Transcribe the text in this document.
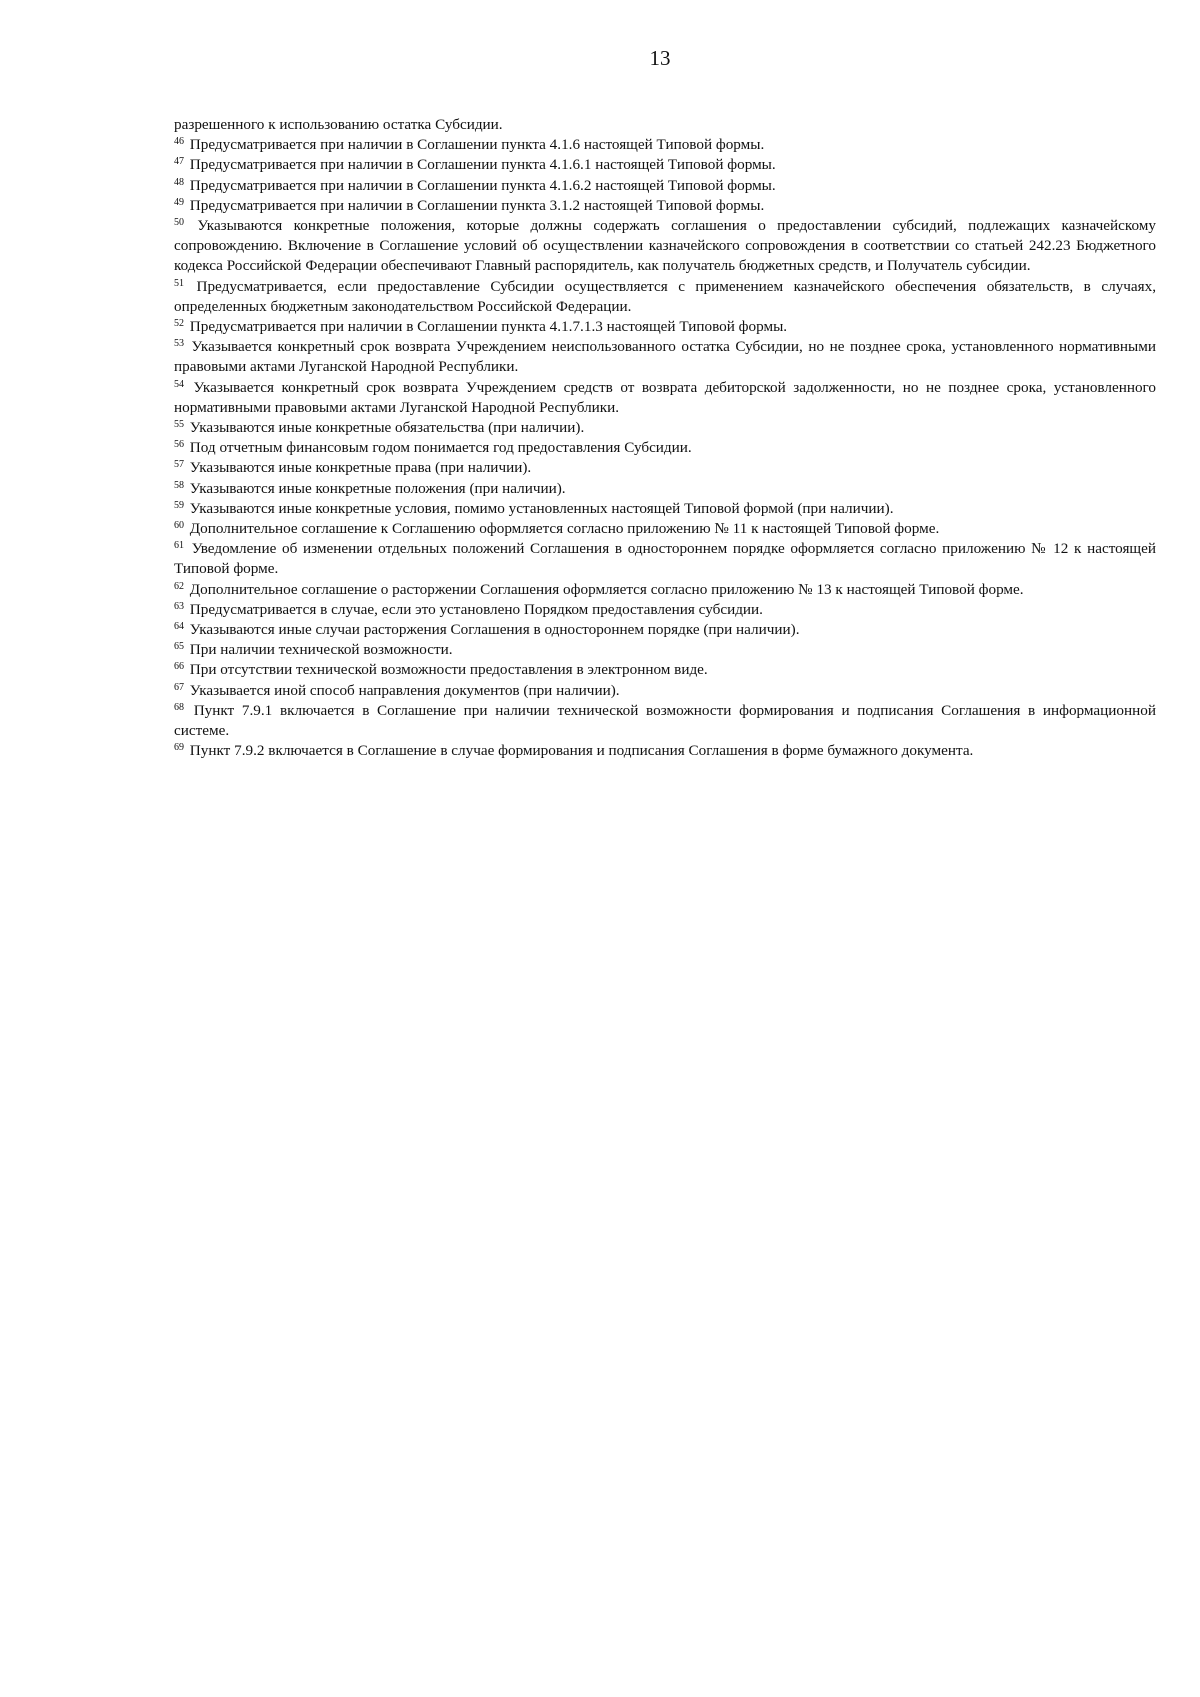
13

разрешенного к использованию остатка Субсидии.

$^{46}$ Предусматривается при наличии в Соглашении пункта 4.1.6 настоящей Типовой формы.

$^{47}$ Предусматривается при наличии в Соглашении пункта 4.1.6.1 настоящей Типовой формы.

$^{48}$ Предусматривается при наличии в Соглашении пункта 4.1.6.2 настоящей Типовой формы.

$^{49}$ Предусматривается при наличии в Соглашении пункта 3.1.2 настоящей Типовой формы.

$^{50}$ Указываются конкретные положения, которые должны содержать соглашения о предоставлении субсидий, подлежащих казначейскому сопровождению. Включение в Соглашение условий об осуществлении казначейского сопровождения в соответствии со статьей 242.23 Бюджетного кодекса Российской Федерации обеспечивают Главный распорядитель, как получатель бюджетных средств, и Получатель субсидии.

$^{51}$ Предусматривается, если предоставление Субсидии осуществляется с применением казначейского обеспечения обязательств, в случаях, определенных бюджетным законодательством Российской Федерации.

$^{52}$ Предусматривается при наличии в Соглашении пункта 4.1.7.1.3 настоящей Типовой формы.

$^{53}$ Указывается конкретный срок возврата Учреждением неиспользованного остатка Субсидии, но не позднее срока, установленного нормативными правовыми актами Луганской Народной Республики.

$^{54}$ Указывается конкретный срок возврата Учреждением средств от возврата дебиторской задолженности, но не позднее срока, установленного нормативными правовыми актами Луганской Народной Республики.

$^{55}$ Указываются иные конкретные обязательства (при наличии).

$^{56}$ Под отчетным финансовым годом понимается год предоставления Субсидии.

$^{57}$ Указываются иные конкретные права (при наличии).

$^{58}$ Указываются иные конкретные положения (при наличии).

$^{59}$ Указываются иные конкретные условия, помимо установленных настоящей Типовой формой (при наличии).

$^{60}$ Дополнительное соглашение к Соглашению оформляется согласно приложению № 11 к настоящей Типовой форме.

$^{61}$ Уведомление об изменении отдельных положений Соглашения в одностороннем порядке оформляется согласно приложению № 12 к настоящей Типовой форме.

$^{62}$ Дополнительное соглашение о расторжении Соглашения оформляется согласно приложению № 13 к настоящей Типовой форме.

$^{63}$ Предусматривается в случае, если это установлено Порядком предоставления субсидии.

$^{64}$ Указываются иные случаи расторжения Соглашения в одностороннем порядке (при наличии).

$^{65}$ При наличии технической возможности.

$^{66}$ При отсутствии технической возможности предоставления в электронном виде.

$^{67}$ Указывается иной способ направления документов (при наличии).

$^{68}$ Пункт 7.9.1 включается в Соглашение при наличии технической возможности формирования и подписания Соглашения в информационной системе.

$^{69}$ Пункт 7.9.2 включается в Соглашение в случае формирования и подписания Соглашения в форме бумажного документа.
